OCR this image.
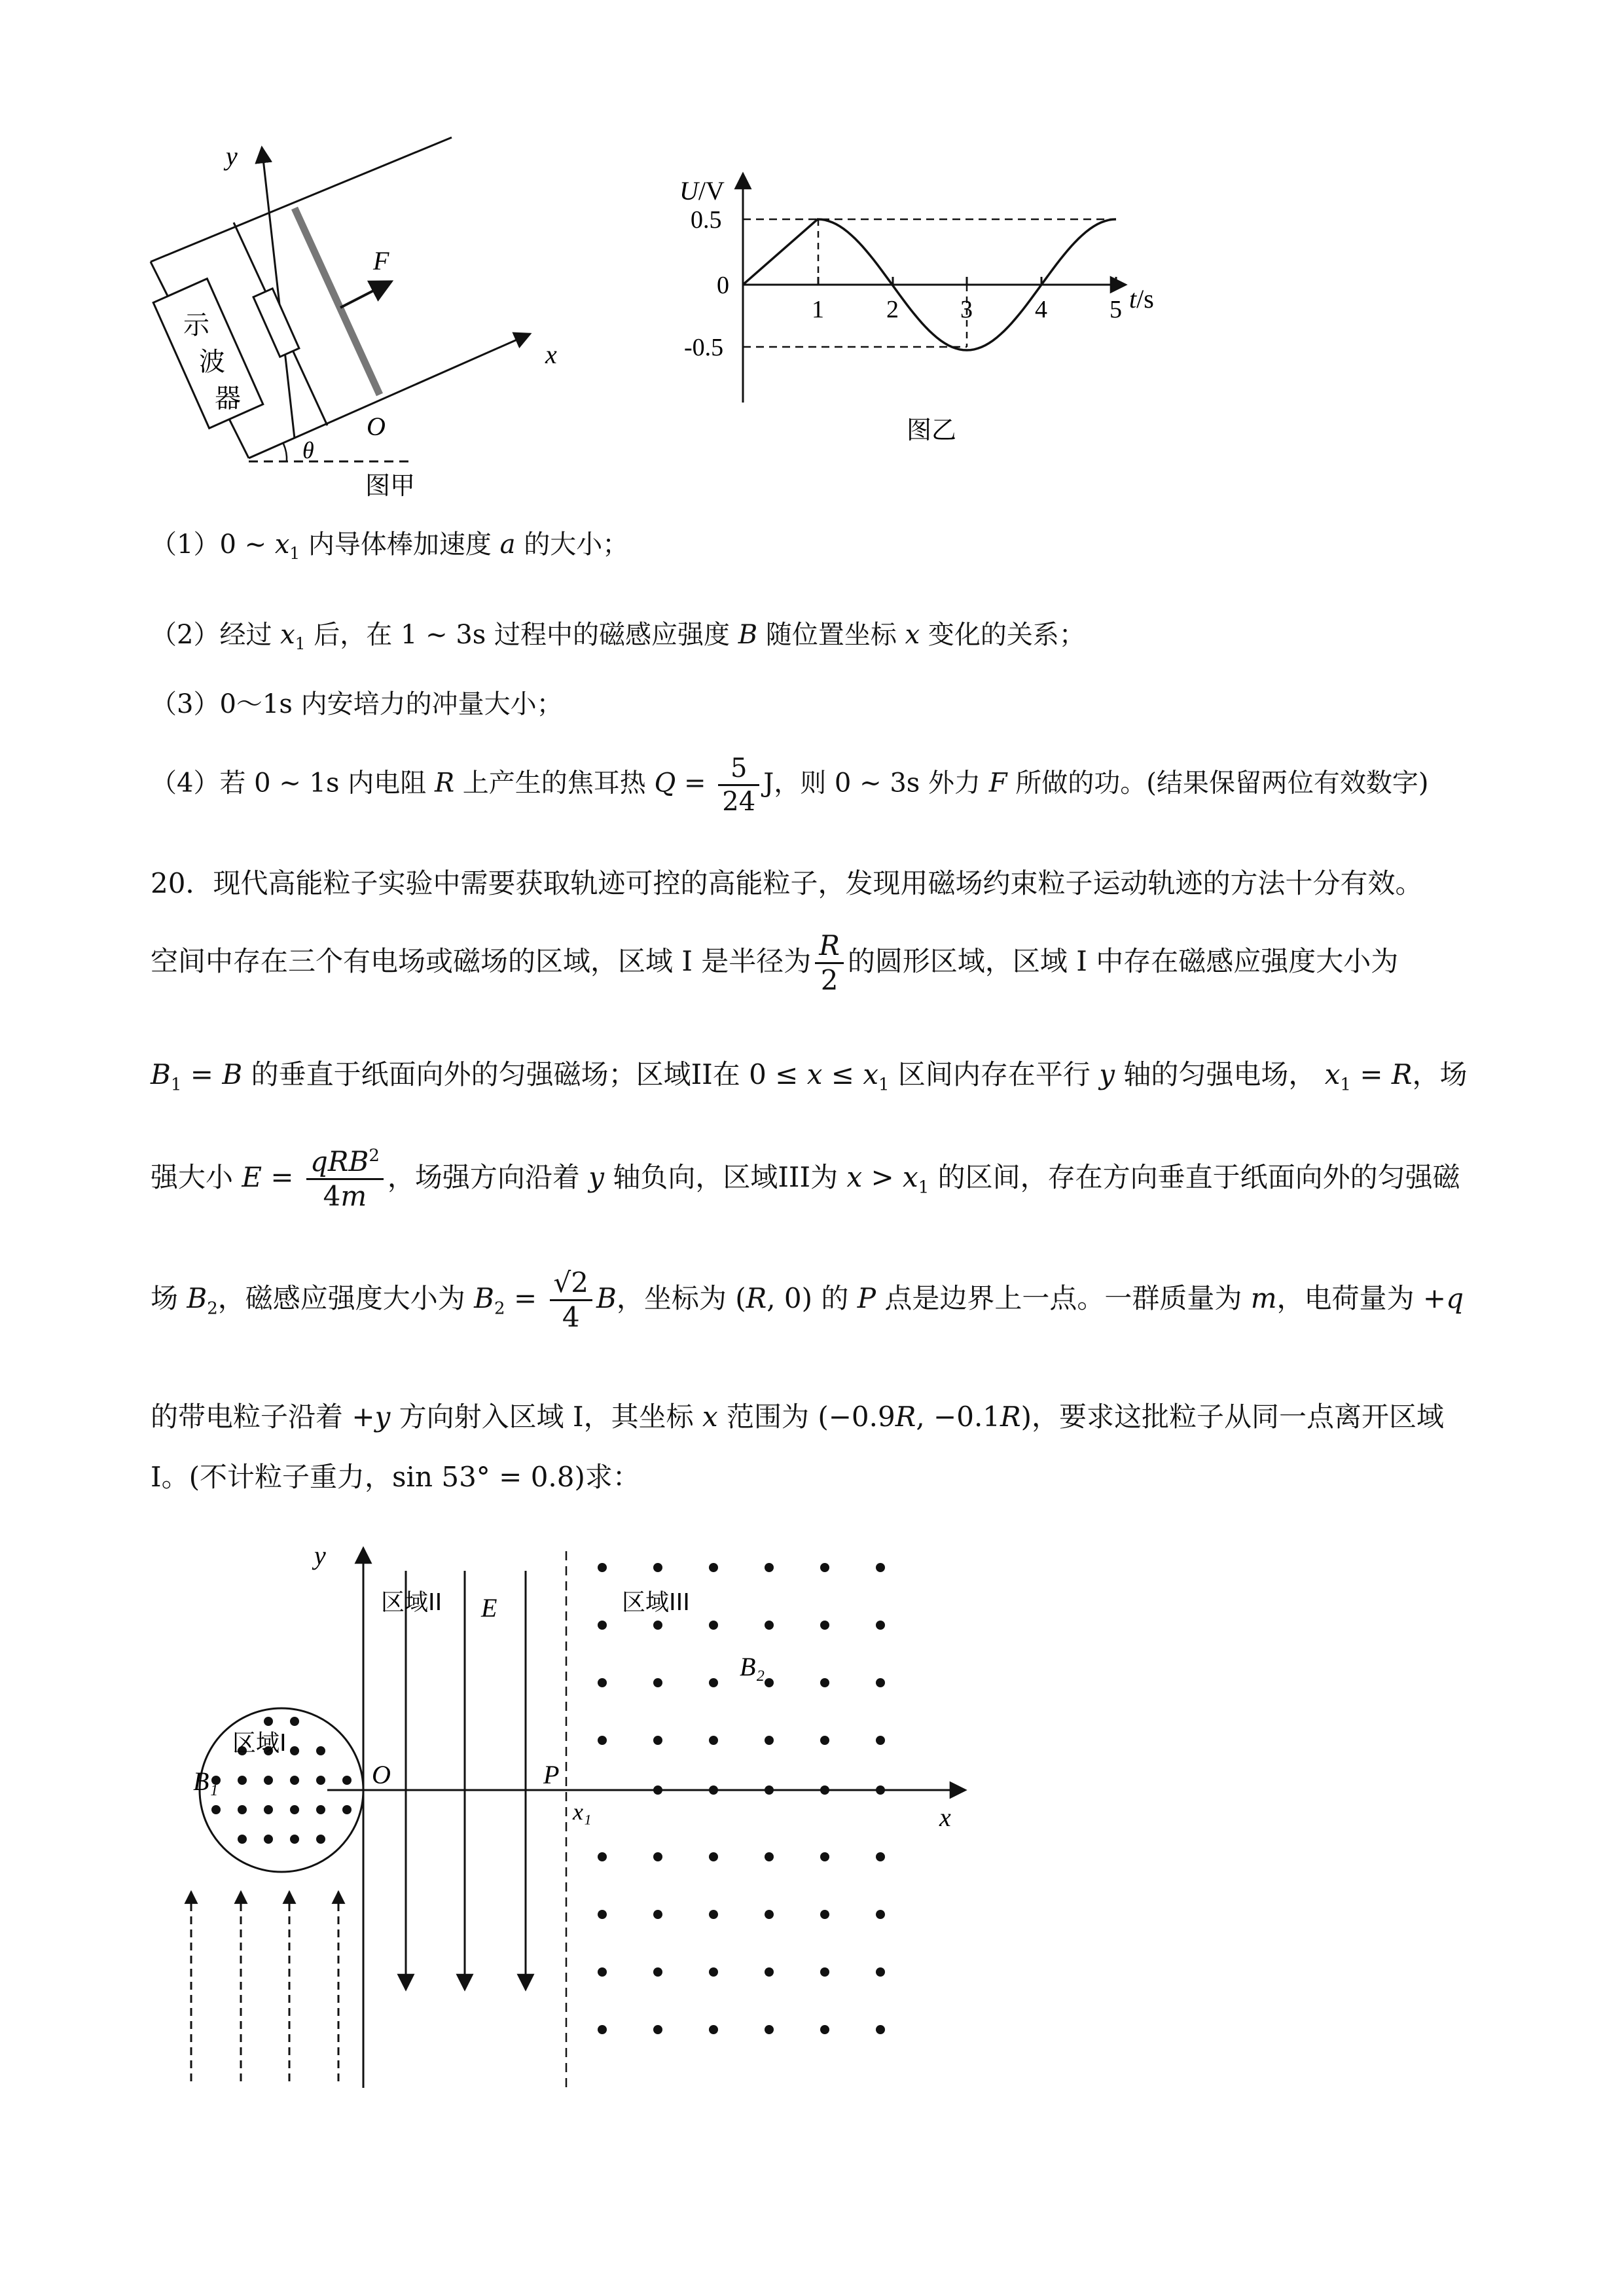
y
F
x
O
θ
示
波
器
图甲
U/V
t/s
0.5
0
-0.5
1	2 3	4	5
图乙
（1）0 ~ $x_1$ 内导体棒加速度 a 的大小；
（2）经过 $x_1$ 后，在 1 ~ 3s 过程中的磁感应强度 B 随位置坐标 x 变化的关系；
（3）0～1s 内安培力的冲量大小；
（4）若 0 ~ 1s 内电阻 R 上产生的焦耳热 $Q = \frac{5}{24}$ J，则 0 ~ 3s 外力 F 所做的功。(结果保留两位有效数字)
20．现代高能粒子实验中需要获取轨迹可控的高能粒子，发现用磁场约束粒子运动轨迹的方法十分有效。
空间中存在三个有电场或磁场的区域，区域 I 是半径为 $\frac{R}{2}$ 的圆形区域，区域 I 中存在磁感应强度大小为
$B_1 = B$ 的垂直于纸面向外的匀强磁场；区域II在 $0 \le x \le x_1$ 区间内存在平行 y 轴的匀强电场， $x_1 = R$，场
强大小 $E = \frac{qRB^2}{4m}$ ，场强方向沿着 y 轴负向，区域III为 $x > x_1$ 的区间，存在方向垂直于纸面向外的匀强磁
场 $B_2$，磁感应强度大小为 $B_2 = \frac{√2}{4}$ B，坐标为 (R, 0) 的 P 点是边界上一点。一群质量为 m，电荷量为 +q
的带电粒子沿着 +y 方向射入区域 I，其坐标 x 范围为 (−0.9R, −0.1R)，要求这批粒子从同一点离开区域
I。(不计粒子重力，sin 53° = 0.8)求：
y
x
O	P
x₁
E
B₁
B₂
区域I
区域II	区域III
